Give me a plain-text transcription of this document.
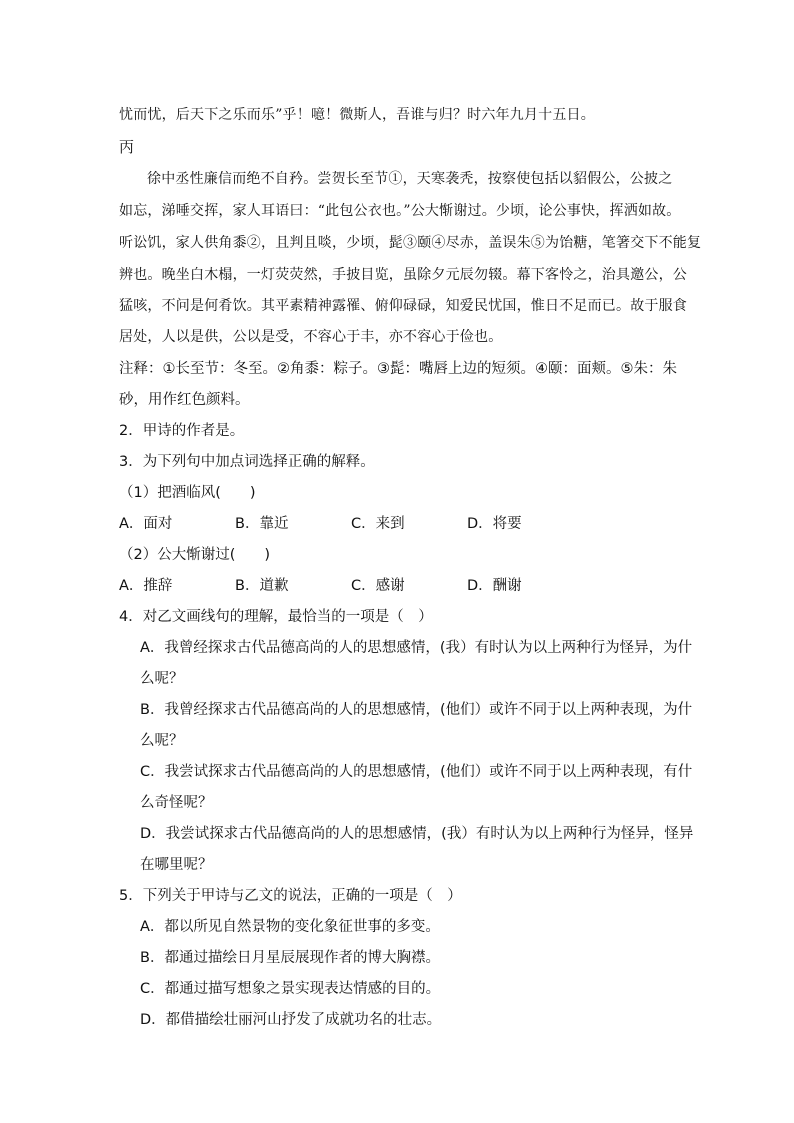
忧而忧，后天下之乐而乐”乎！噫！微斯人，吾谁与归？时六年九月十五日。
丙
徐中丞性廉信而绝不自矜。尝贺长至节①，天寒袭秃，按察使包括以貂假公，公披之
如忘，涕唾交挥，家人耳语曰：“此包公衣也。”公大惭谢过。少顷，论公事快，挥洒如故。
听讼饥，家人供角黍②，且判且啖，少顷，髭③颐④尽赤，盖误朱⑤为饴糖，笔箸交下不能复
辨也。晚坐白木榻，一灯荧荧然，手披目览，虽除夕元辰勿辍。幕下客怜之，治具邀公，公
猛咳，不问是何肴饮。其平素精神露罹、俯仰碌碌，知爱民忧国，惟日不足而已。故于服食
居处，人以是供，公以是受，不容心于丰，亦不容心于俭也。
注释：①长至节：冬至。②角黍：粽子。③髭：嘴唇上边的短须。④颐：面颊。⑤朱：朱
砂，用作红色颜料。
2．甲诗的作者是。
3．为下列句中加点词选择正确的解释。
（1）把酒临风(　　)
A．面对	B．靠近	C．来到	D．将要
（2）公大惭谢过(　　)
A．推辞	B．道歉	C．感谢	D．酬谢
4．对乙文画线句的理解，最恰当的一项是（　）
A．我曾经探求古代品德高尚的人的思想感情，(我）有时认为以上两种行为怪异，为什
么呢？
B．我曾经探求古代品德高尚的人的思想感情，(他们）或许不同于以上两种表现，为什
么呢？
C．我尝试探求古代品德高尚的人的思想感情，(他们）或许不同于以上两种表现，有什
么奇怪呢？
D．我尝试探求古代品德高尚的人的思想感情，(我）有时认为以上两种行为怪异，怪异
在哪里呢？
5．下列关于甲诗与乙文的说法，正确的一项是（　）
A．都以所见自然景物的变化象征世事的多变。
B．都通过描绘日月星辰展现作者的博大胸襟。
C．都通过描写想象之景实现表达情感的目的。
D．都借描绘壮丽河山抒发了成就功名的壮志。
